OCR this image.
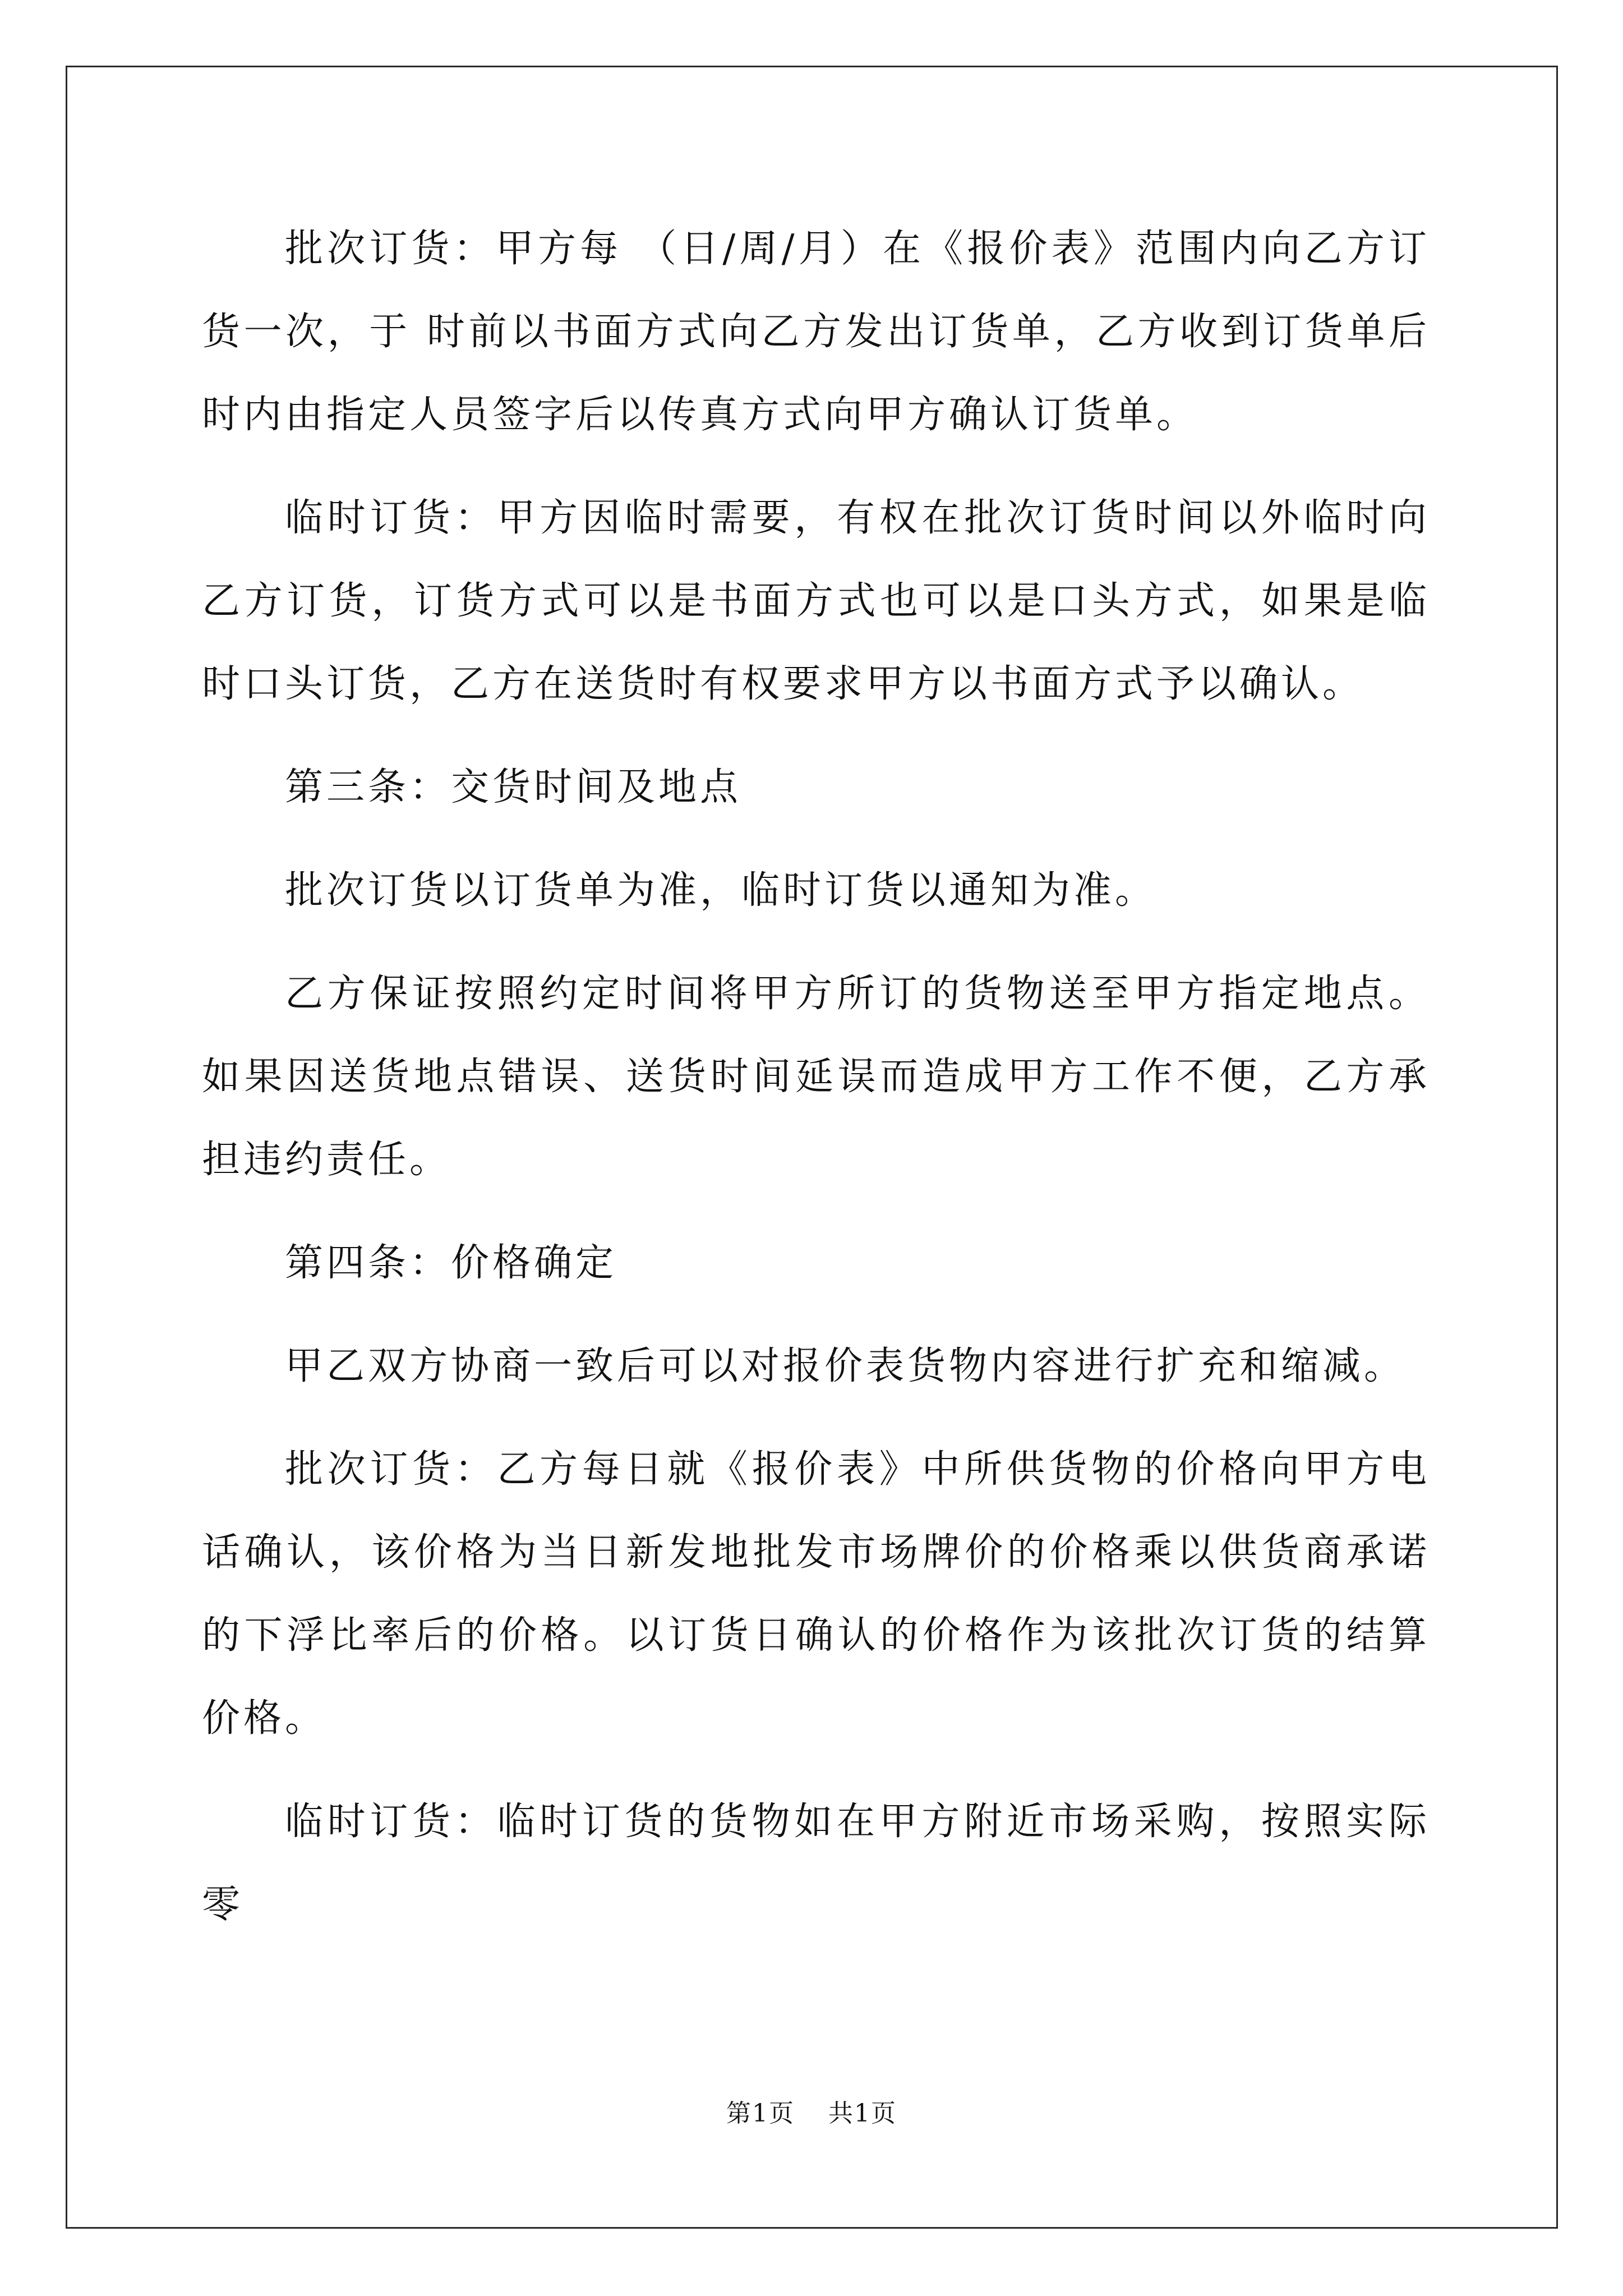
批次订货：甲方每 （日/周/月）在《报价表》范围内向乙方订货一次，于 时前以书面方式向乙方发出订货单，乙方收到订货单后 时内由指定人员签字后以传真方式向甲方确认订货单。

临时订货：甲方因临时需要，有权在批次订货时间以外临时向乙方订货，订货方式可以是书面方式也可以是口头方式，如果是临时口头订货，乙方在送货时有权要求甲方以书面方式予以确认。

第三条：交货时间及地点

批次订货以订货单为准，临时订货以通知为准。

乙方保证按照约定时间将甲方所订的货物送至甲方指定地点。如果因送货地点错误、送货时间延误而造成甲方工作不便，乙方承担违约责任。

第四条：价格确定

甲乙双方协商一致后可以对报价表货物内容进行扩充和缩减。

批次订货：乙方每日就《报价表》中所供货物的价格向甲方电话确认，该价格为当日新发地批发市场牌价的价格乘以供货商承诺的下浮比率后的价格。以订货日确认的价格作为该批次订货的结算价格。

临时订货：临时订货的货物如在甲方附近市场采购，按照实际零

第1页 共1页
